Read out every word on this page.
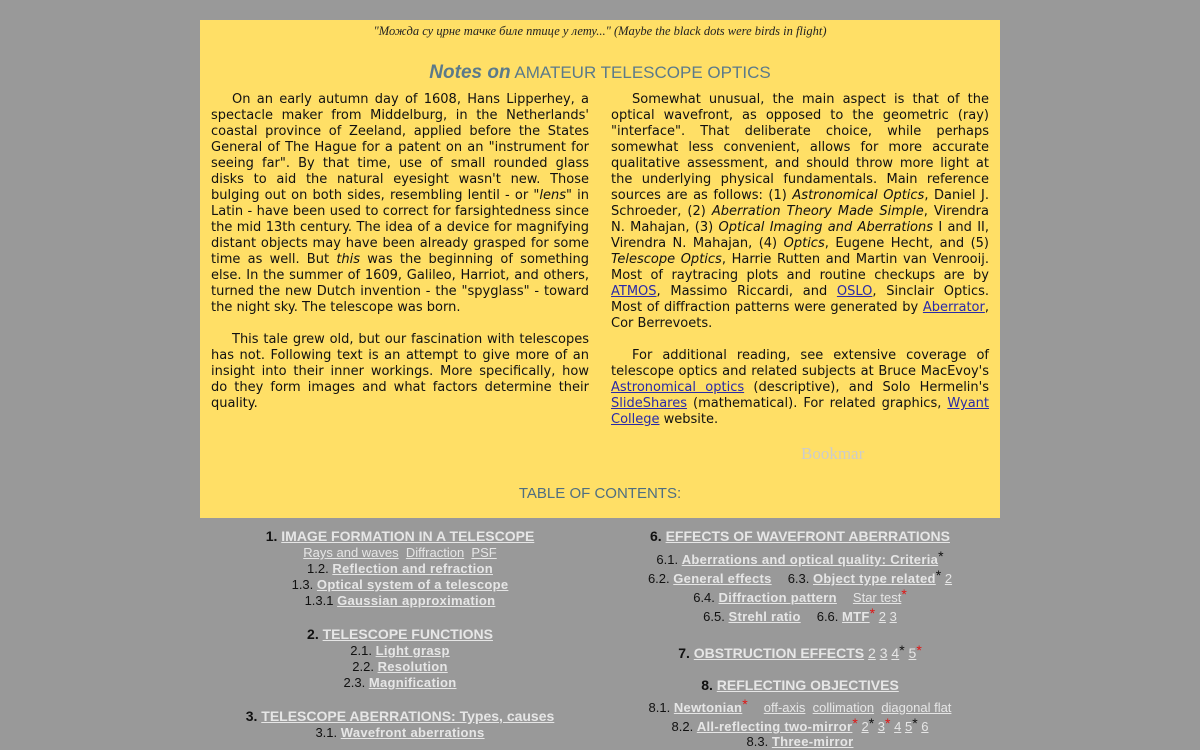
"Можда су црне тачке биле птице у лету..." (Maybe the black dots were birds in flight)
Notes on AMATEUR TELESCOPE OPTICS

On an early autumn day of 1608, Hans Lipperhey, a spectacle maker from Middelburg, in the Netherlands' coastal province of Zeeland, applied before the States General of The Hague for a patent on an "instrument for seeing far". By that time, use of small rounded glass disks to aid the natural eyesight wasn't new. Those bulging out on both sides, resembling lentil - or "lens" in Latin - have been used to correct for farsightedness since the mid 13th century. The idea of a device for magnifying distant objects may have been already grasped for some time as well. But this was the beginning of something else. In the summer of 1609, Galileo, Harriot, and others, turned the new Dutch invention - the "spyglass" - toward the night sky. The telescope was born.

This tale grew old, but our fascination with telescopes has not. Following text is an attempt to give more of an insight into their inner workings. More specifically, how do they form images and what factors determine their quality.

Somewhat unusual, the main aspect is that of the optical wavefront, as opposed to the geometric (ray) "interface". That deliberate choice, while perhaps somewhat less convenient, allows for more accurate qualitative assessment, and should throw more light at the underlying physical fundamentals. Main reference sources are as follows: (1) Astronomical Optics, Daniel J. Schroeder, (2) Aberration Theory Made Simple, Virendra N. Mahajan, (3) Optical Imaging and Aberrations I and II, Virendra N. Mahajan, (4) Optics, Eugene Hecht, and (5) Telescope Optics, Harrie Rutten and Martin van Venrooij. Most of raytracing plots and routine checkups are by ATMOS, Massimo Riccardi, and OSLO, Sinclair Optics. Most of diffraction patterns were generated by Aberrator, Cor Berrevoets.

For additional reading, see extensive coverage of telescope optics and related subjects at Bruce MacEvoy's Astronomical optics (descriptive), and Solo Hermelin's SlideShares (mathematical). For related graphics, Wyant College website.

Bookmar
TABLE OF CONTENTS:
1. IMAGE FORMATION IN A TELESCOPE
Rays and waves Diffraction PSF
1.2. Reflection and refraction
1.3. Optical system of a telescope
1.3.1 Gaussian approximation
2. TELESCOPE FUNCTIONS
2.1. Light grasp
2.2. Resolution
2.3. Magnification
3. TELESCOPE ABERRATIONS: Types, causes
3.1. Wavefront aberrations
6. EFFECTS OF WAVEFRONT ABERRATIONS
6.1. Aberrations and optical quality: Criteria*
6.2. General effects 6.3. Object type related* 2
6.4. Diffraction pattern Star test*
6.5. Strehl ratio 6.6. MTF* 2 3
7. OBSTRUCTION EFFECTS 2 3 4* 5*
8. REFLECTING OBJECTIVES
8.1. Newtonian* off-axis collimation diagonal flat
8.2. All-reflecting two-mirror* 2* 3* 4 5* 6
8.3. Three-mirror
